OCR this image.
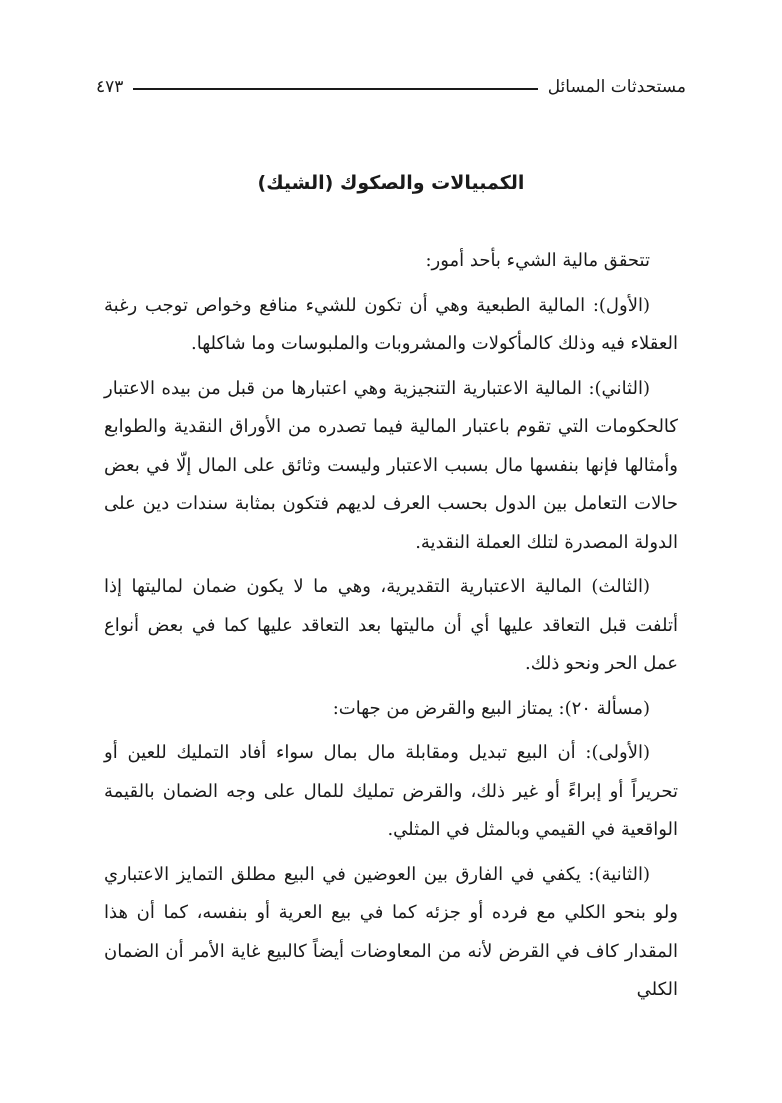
مستحدثات المسائل
٤٧٣
الكمبيالات والصكوك (الشيك)

تتحقق مالية الشيء بأحد أمور:

(الأول): المالية الطبعية وهي أن تكون للشيء منافع وخواص توجب رغبة العقلاء فيه وذلك كالمأكولات والمشروبات والملبوسات وما شاكلها.

(الثاني): المالية الاعتبارية التنجيزية وهي اعتبارها من قبل من بيده الاعتبار كالحكومات التي تقوم باعتبار المالية فيما تصدره من الأوراق النقدية والطوابع وأمثالها فإنها بنفسها مال بسبب الاعتبار وليست وثائق على المال إلّا في بعض حالات التعامل بين الدول بحسب العرف لديهم فتكون بمثابة سندات دين على الدولة المصدرة لتلك العملة النقدية.

(الثالث) المالية الاعتبارية التقديرية، وهي ما لا يكون ضمان لماليتها إذا أتلفت قبل التعاقد عليها أي أن ماليتها بعد التعاقد عليها كما في بعض أنواع عمل الحر ونحو ذلك.

(مسألة ٢٠): يمتاز البيع والقرض من جهات:

(الأولى): أن البيع تبديل ومقابلة مال بمال سواء أفاد التمليك للعين أو تحريراً أو إبراءً أو غير ذلك، والقرض تمليك للمال على وجه الضمان بالقيمة الواقعية في القيمي وبالمثل في المثلي.

(الثانية): يكفي في الفارق بين العوضين في البيع مطلق التمايز الاعتباري ولو بنحو الكلي مع فرده أو جزئه كما في بيع العرية أو بنفسه، كما أن هذا المقدار كاف في القرض لأنه من المعاوضات أيضاً كالبيع غاية الأمر أن الضمان الكلي
